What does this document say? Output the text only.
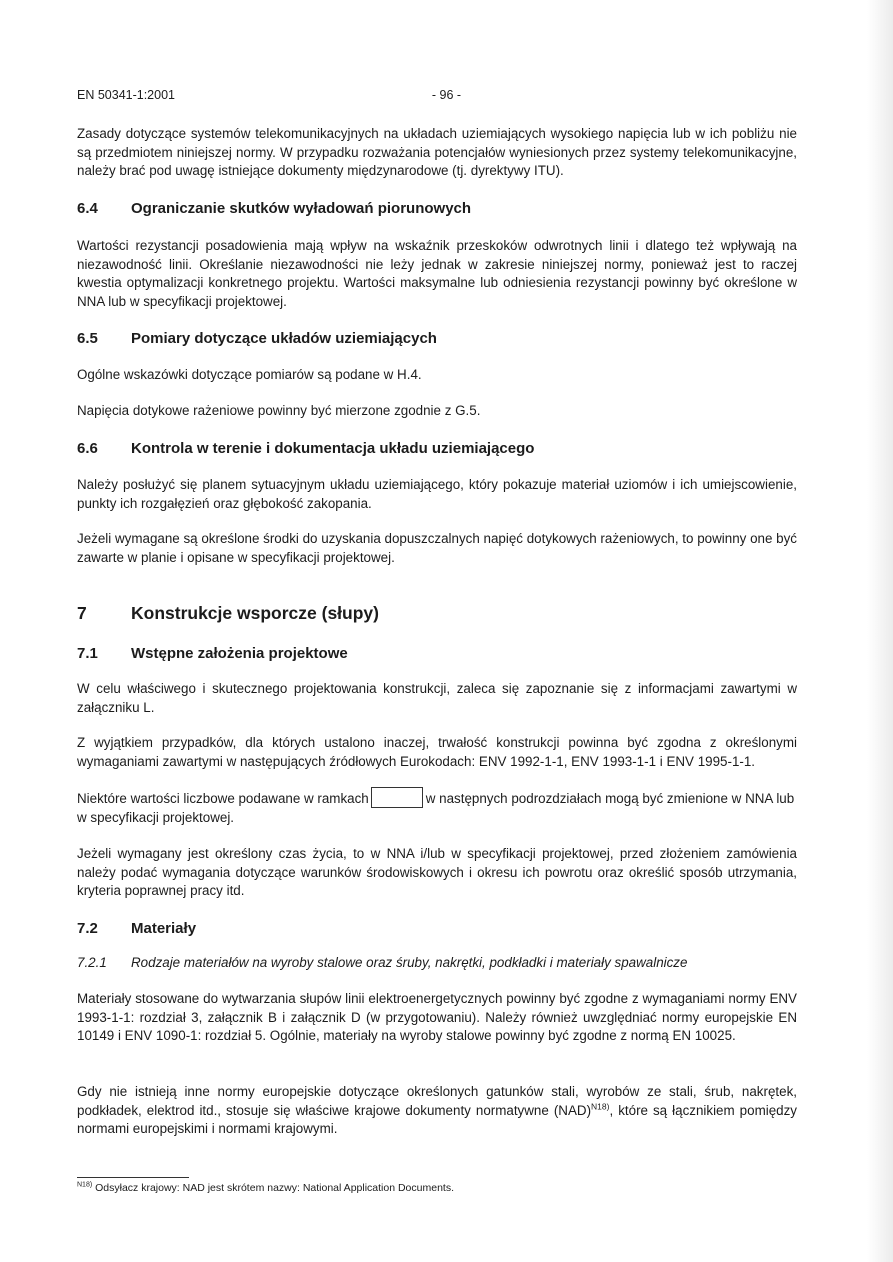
EN 50341-1:2001	- 96 -

Zasady dotyczące systemów telekomunikacyjnych na układach uziemiających wysokiego napięcia lub w ich pobliżu nie są przedmiotem niniejszej normy. W przypadku rozważania potencjałów wyniesionych przez systemy telekomunikacyjne, należy brać pod uwagę istniejące dokumenty międzynarodowe (tj. dyrektywy ITU).

6.4 Ograniczanie skutków wyładowań piorunowych

Wartości rezystancji posadowienia mają wpływ na wskaźnik przeskoków odwrotnych linii i dlatego też wpływają na niezawodność linii. Określanie niezawodności nie leży jednak w zakresie niniejszej normy, ponieważ jest to raczej kwestia optymalizacji konkretnego projektu. Wartości maksymalne lub odniesienia rezystancji powinny być określone w NNA lub w specyfikacji projektowej.

6.5 Pomiary dotyczące układów uziemiających

Ogólne wskazówki dotyczące pomiarów są podane w H.4.

Napięcia dotykowe rażeniowe powinny być mierzone zgodnie z G.5.

6.6 Kontrola w terenie i dokumentacja układu uziemiającego

Należy posłużyć się planem sytuacyjnym układu uziemiającego, który pokazuje materiał uziomów i ich umiejscowienie, punkty ich rozgałęzień oraz głębokość zakopania.

Jeżeli wymagane są określone środki do uzyskania dopuszczalnych napięć dotykowych rażeniowych, to powinny one być zawarte w planie i opisane w specyfikacji projektowej.

7	Konstrukcje wsporcze (słupy)
7.1 Wstępne założenia projektowe

W celu właściwego i skutecznego projektowania konstrukcji, zaleca się zapoznanie się z informacjami zawartymi w załączniku L.

Z wyjątkiem przypadków, dla których ustalono inaczej, trwałość konstrukcji powinna być zgodna z określonymi wymaganiami zawartymi w następujących źródłowych Eurokodach: ENV 1992-1-1, ENV 1993-1-1 i ENV 1995-1-1.

Niektóre wartości liczbowe podawane w ramkach	w następnych podrozdziałach mogą być zmienione w NNA lub w specyfikacji projektowej.

Jeżeli wymagany jest określony czas życia, to w NNA i/lub w specyfikacji projektowej, przed złożeniem zamówienia należy podać wymagania dotyczące warunków środowiskowych i okresu ich powrotu oraz określić sposób utrzymania, kryteria poprawnej pracy itd.

7.2 Materiały
7.2.1 Rodzaje materiałów na wyroby stalowe oraz śruby, nakrętki, podkładki i materiały spawalnicze

Materiały stosowane do wytwarzania słupów linii elektroenergetycznych powinny być zgodne z wymaganiami normy ENV 1993-1-1: rozdział 3, załącznik B i załącznik D (w przygotowaniu). Należy również uwzględniać normy europejskie EN 10149 i ENV 1090-1: rozdział 5. Ogólnie, materiały na wyroby stalowe powinny być zgodne z normą EN 10025.

Gdy nie istnieją inne normy europejskie dotyczące określonych gatunków stali, wyrobów ze stali, śrub, nakrętek, podkładek, elektrod itd., stosuje się właściwe krajowe dokumenty normatywne (NAD)$^{N18)}$, które są łącznikiem pomiędzy normami europejskimi i normami krajowymi.

$^{N18)}$ Odsyłacz krajowy: NAD jest skrótem nazwy: National Application Documents.
